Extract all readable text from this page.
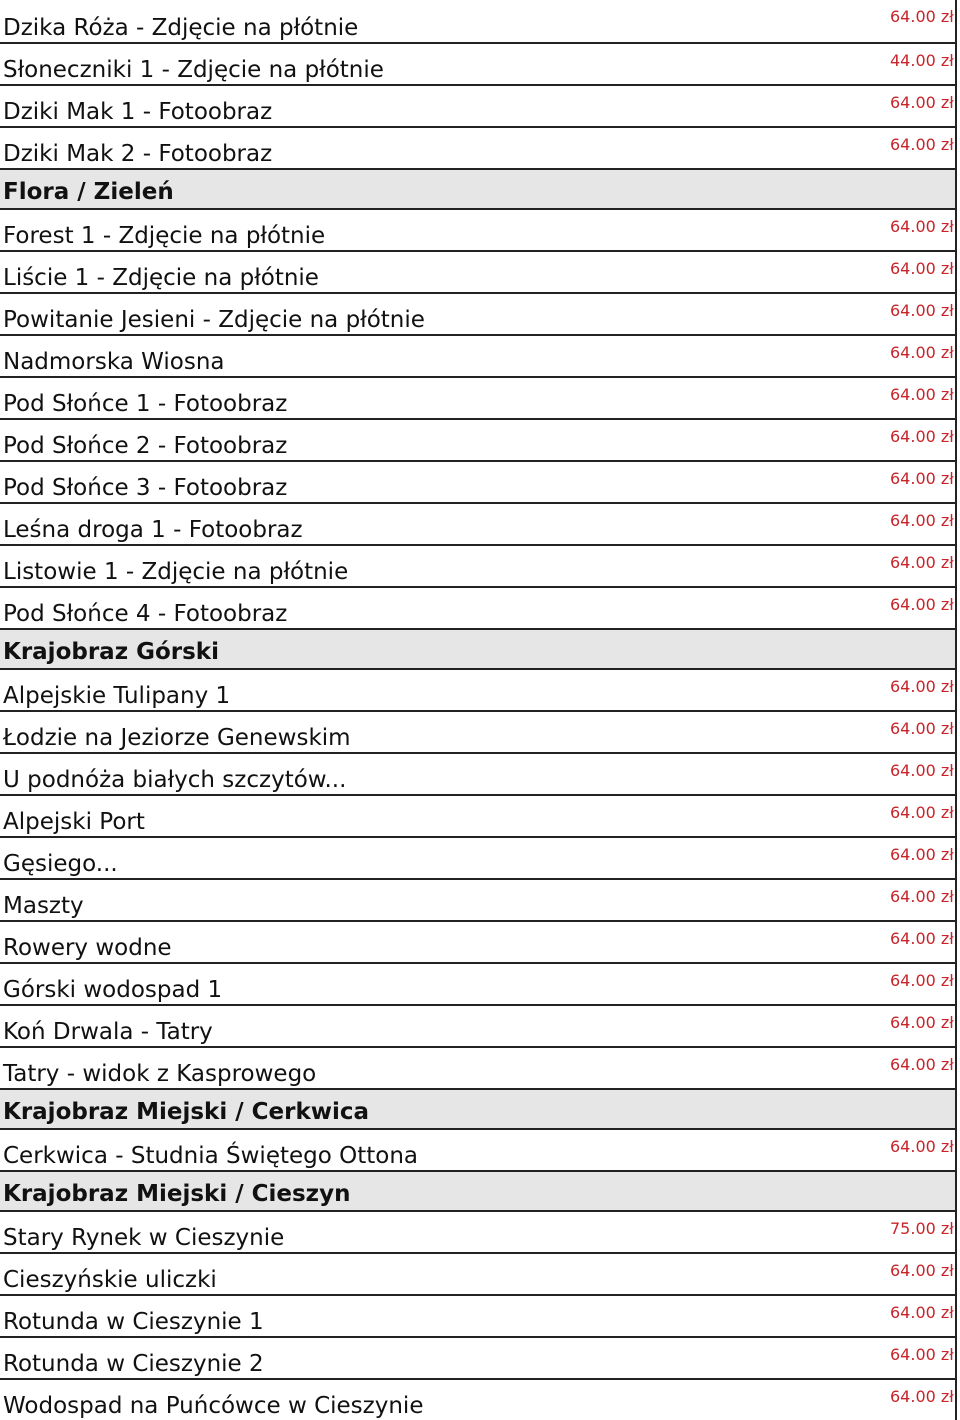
Dzika Róża - Zdjęcie na płótnie	64.00 zł
Słoneczniki 1 - Zdjęcie na płótnie	44.00 zł
Dziki Mak 1 - Fotoobraz	64.00 zł
Dziki Mak 2 - Fotoobraz	64.00 zł
Flora / Zieleń
Forest 1 - Zdjęcie na płótnie	64.00 zł
Liście 1 - Zdjęcie na płótnie	64.00 zł
Powitanie Jesieni - Zdjęcie na płótnie	64.00 zł
Nadmorska Wiosna	64.00 zł
Pod Słońce 1 - Fotoobraz	64.00 zł
Pod Słońce 2 - Fotoobraz	64.00 zł
Pod Słońce 3 - Fotoobraz	64.00 zł
Leśna droga 1 - Fotoobraz	64.00 zł
Listowie 1 - Zdjęcie na płótnie	64.00 zł
Pod Słońce 4 - Fotoobraz	64.00 zł
Krajobraz Górski
Alpejskie Tulipany 1	64.00 zł
Łodzie na Jeziorze Genewskim	64.00 zł
U podnóża białych szczytów...	64.00 zł
Alpejski Port	64.00 zł
Gęsiego...	64.00 zł
Maszty	64.00 zł
Rowery wodne	64.00 zł
Górski wodospad 1	64.00 zł
Koń Drwala - Tatry	64.00 zł
Tatry - widok z Kasprowego	64.00 zł
Krajobraz Miejski / Cerkwica
Cerkwica - Studnia Świętego Ottona	64.00 zł
Krajobraz Miejski / Cieszyn
Stary Rynek w Cieszynie	75.00 zł
Cieszyńskie uliczki	64.00 zł
Rotunda w Cieszynie 1	64.00 zł
Rotunda w Cieszynie 2	64.00 zł
Wodospad na Puńcówce w Cieszynie	64.00 zł
